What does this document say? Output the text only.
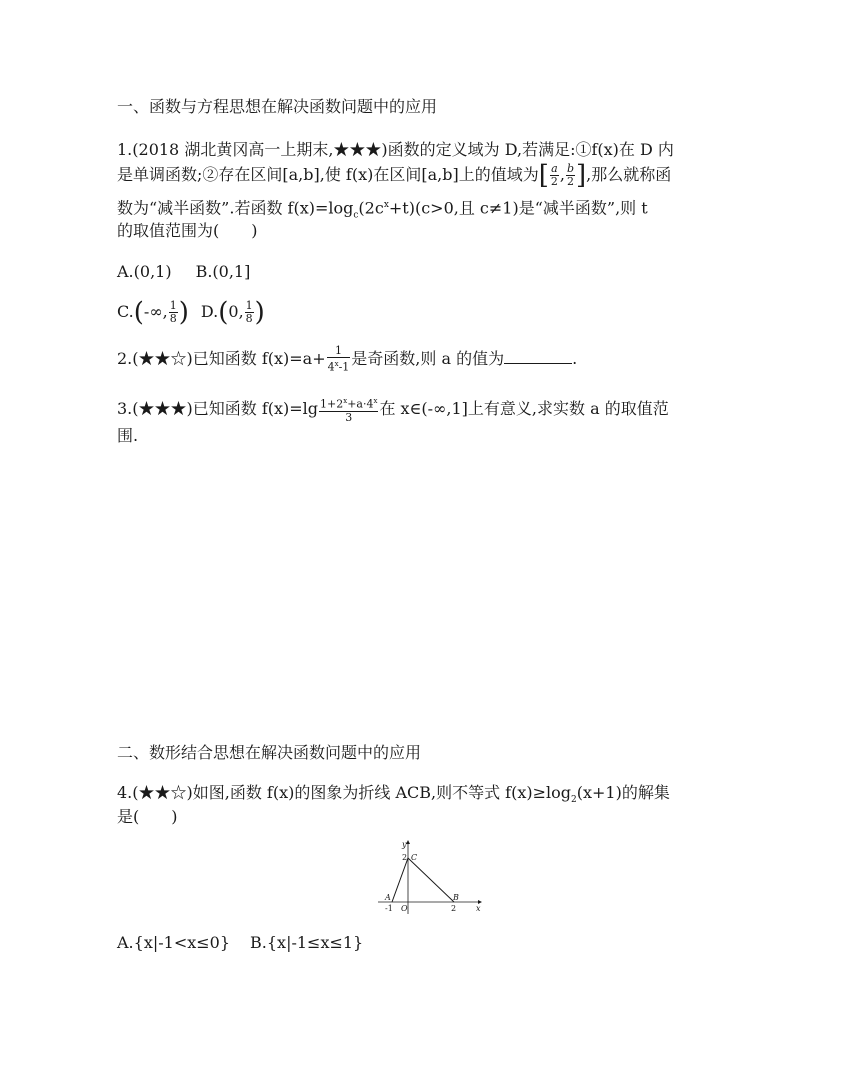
一、函数与方程思想在解决函数问题中的应用
1.(2018 湖北黄冈高一上期末,★★★)函数的定义域为 D,若满足:①f(x)在 D 内
是单调函数;②存在区间[a,b],使 f(x)在区间[a,b]上的值域为[ $\frac{a}{2}$ , $\frac{b}{2}$ ],那么就称函
数为“减半函数”.若函数 $f(x)=\log_c(2c^x+t)(c>0$,且 c≠1)是“减半函数”,则 t
的取值范围为(　　)
A.(0,1) B.(0,1]
C.(-∞, $\frac{1}{8}$ ) D.(0, $\frac{1}{8}$ )
2.(★★☆)已知函数 $f(x)=a+ \frac{1}{4^x-1}$ 是奇函数,则 a 的值为	.
3.(★★★)已知函数 $f(x)=\lg \frac{1+2^x+a\cdot 4^x}{3}$ 在 x∈(-∞,1]上有意义,求实数 a 的取值范
围.
二、数形结合思想在解决函数问题中的应用
4.(★★☆)如图,函数 f(x)的图象为折线 ACB,则不等式 $f(x)\ge\log_2(x+1)$的解集
是(　　)
y
x
O
A	B
C
2
-1	2
A.{x|-1<x≤0} B.{x|-1≤x≤1}
